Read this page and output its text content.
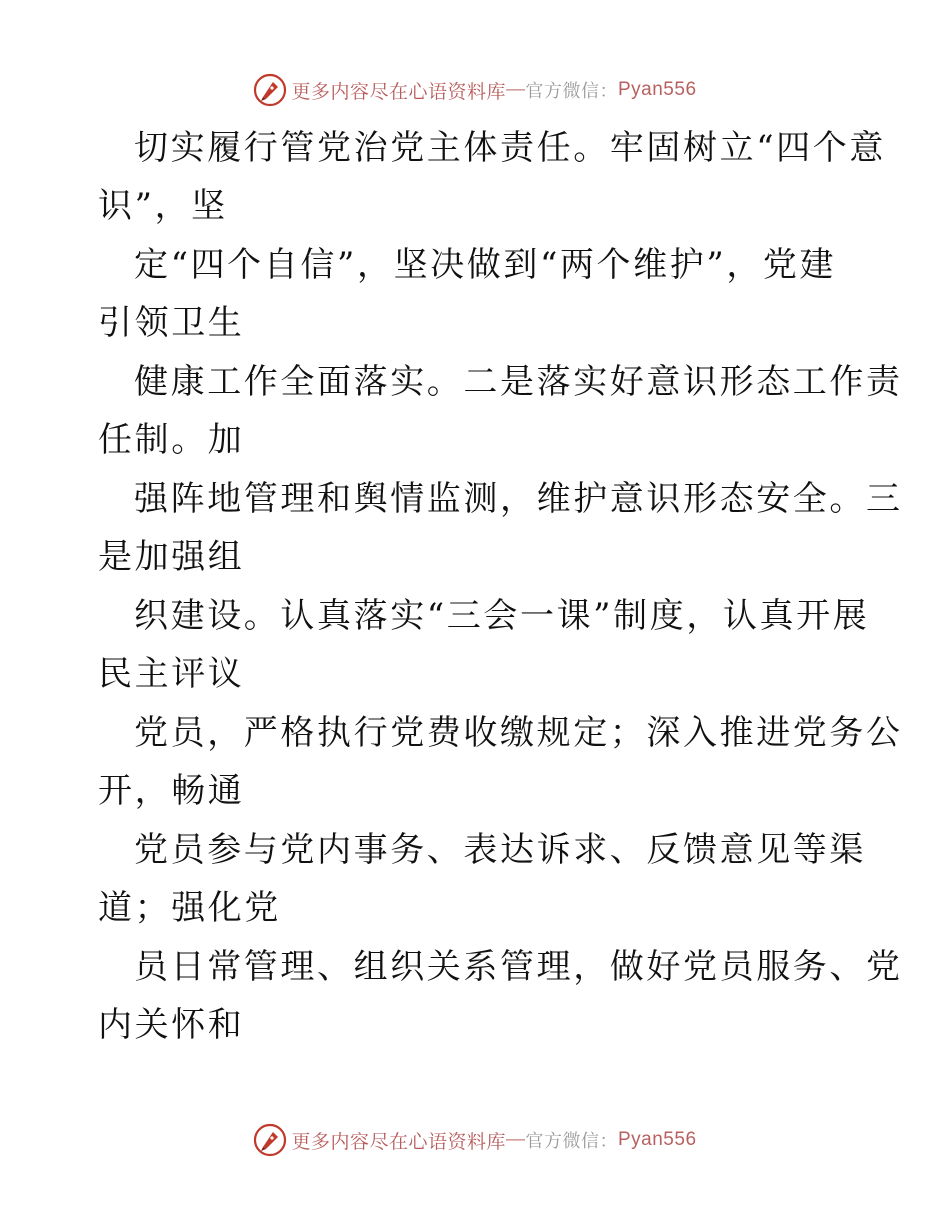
更多内容尽在心语资料库 — 官方微信： Pyan556
切实履行管党治党主体责任。牢固树立“四个意
识”，坚
定“四个自信”，坚决做到“两个维护”，党建
引领卫生
健康工作全面落实。二是落实好意识形态工作责
任制。加
强阵地管理和舆情监测，维护意识形态安全。三
是加强组
织建设。认真落实“三会一课”制度，认真开展
民主评议
党员，严格执行党费收缴规定；深入推进党务公
开，畅通
党员参与党内事务、表达诉求、反馈意见等渠
道；强化党
员日常管理、组织关系管理，做好党员服务、党
内关怀和
更多内容尽在心语资料库 — 官方微信： Pyan556
